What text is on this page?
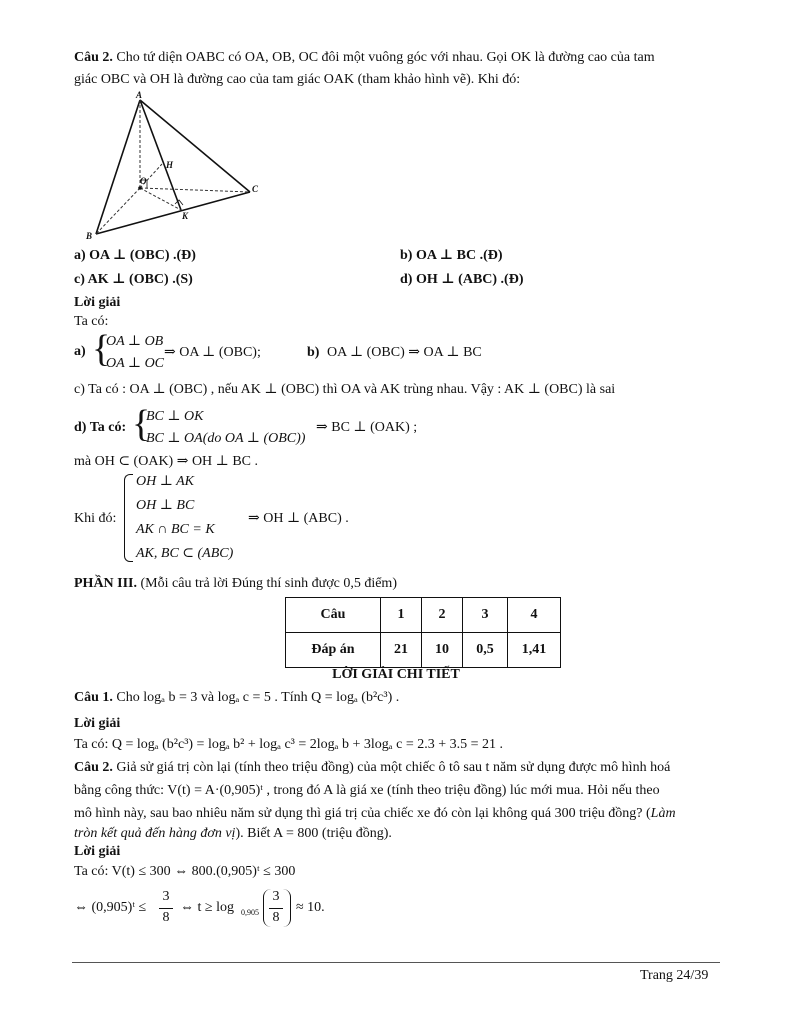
Câu 2. Cho tứ diện OABC có OA, OB, OC đôi một vuông góc với nhau. Gọi OK là đường cao của tam
giác OBC và OH là đường cao của tam giác OAK (tham khảo hình vẽ). Khi đó:
A
H
O
C
K
B
a) OA ⊥ (OBC) .(Đ)	b) OA ⊥ BC .(Đ)
c) AK ⊥ (OBC) .(S)	d) OH ⊥ (ABC) .(Đ)
Lời giải
Ta có:
a) {
OA ⊥ OB
OA ⊥ OC
⇒ OA ⊥ (OBC);	b) OA ⊥ (OBC) ⇒ OA ⊥ BC
c) Ta có : OA ⊥ (OBC) , nếu AK ⊥ (OBC) thì OA và AK trùng nhau. Vậy : AK ⊥ (OBC) là sai
d) Ta có: {
BC ⊥ OK
BC ⊥ OA(do OA ⊥ (OBC))
⇒ BC ⊥ (OAK) ;
mà OH ⊂ (OAK) ⇒ OH ⊥ BC .
Khi đó:
OH ⊥ AK
OH ⊥ BC
AK ∩ BC = K
AK, BC ⊂ (ABC)
⇒ OH ⊥ (ABC) .
PHẦN III. (Mỗi câu trả lời Đúng thí sinh được 0,5 điểm)
Câu	1	2	3	4
Đáp án	21	10	0,5	1,41
LỜI GIẢI CHI TIẾT
Câu 1. Cho logₐ b = 3 và logₐ c = 5 . Tính Q = logₐ (b²c³) .
Lời giải
Ta có: Q = logₐ (b²c³) = logₐ b² + logₐ c³ = 2logₐ b + 3logₐ c = 2.3 + 3.5 = 21 .
Câu 2. Giả sử giá trị còn lại (tính theo triệu đồng) của một chiếc ô tô sau t năm sử dụng được mô hình hoá
bằng công thức: V(t) = A·(0,905)ᵗ , trong đó A là giá xe (tính theo triệu đồng) lúc mới mua. Hỏi nếu theo
mô hình này, sau bao nhiêu năm sử dụng thì giá trị của chiếc xe đó còn lại không quá 300 triệu đồng? (Làm
tròn kết quả đến hàng đơn vị). Biết A = 800 (triệu đồng).
Lời giải
Ta có: V(t) ≤ 300 ⇔ 800.(0,905)ᵗ ≤ 300
⇔ (0,905)ᵗ ≤
3
8
⇔ t ≥ log 0,905
3
8
≈ 10.
Trang 24/39
